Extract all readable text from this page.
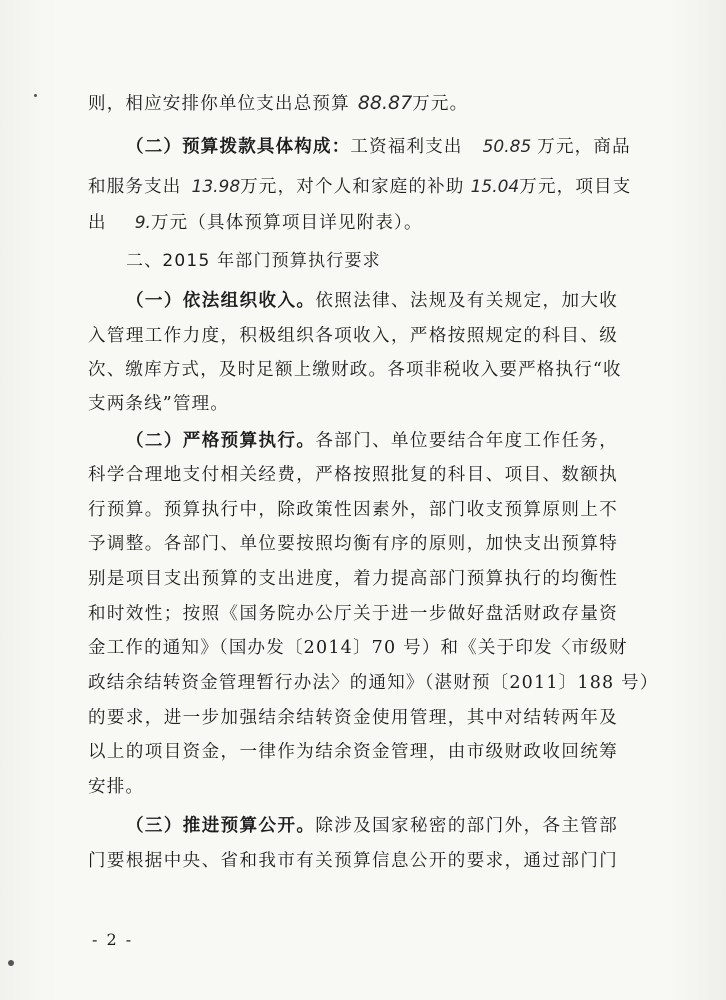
则，相应安排你单位支出总预算 88.87万元。
（二）预算拨款具体构成：工资福利支出 50.85 万元，商品
和服务支出 13.98万元，对个人和家庭的补助 15.04万元，项目支
出 9.万元（具体预算项目详见附表）。
二、2015 年部门预算执行要求
（一）依法组织收入。依照法律、法规及有关规定，加大收
入管理工作力度，积极组织各项收入，严格按照规定的科目、级
次、缴库方式，及时足额上缴财政。各项非税收入要严格执行“收
支两条线”管理。
（二）严格预算执行。各部门、单位要结合年度工作任务，
科学合理地支付相关经费，严格按照批复的科目、项目、数额执
行预算。预算执行中，除政策性因素外，部门收支预算原则上不
予调整。各部门、单位要按照均衡有序的原则，加快支出预算特
别是项目支出预算的支出进度，着力提高部门预算执行的均衡性
和时效性；按照《国务院办公厅关于进一步做好盘活财政存量资
金工作的通知》（国办发〔2014〕70 号）和《关于印发〈市级财
政结余结转资金管理暂行办法〉的通知》（湛财预〔2011〕188 号）
的要求，进一步加强结余结转资金使用管理，其中对结转两年及
以上的项目资金，一律作为结余资金管理，由市级财政收回统筹
安排。
（三）推进预算公开。除涉及国家秘密的部门外，各主管部
门要根据中央、省和我市有关预算信息公开的要求，通过部门门
- 2 -
